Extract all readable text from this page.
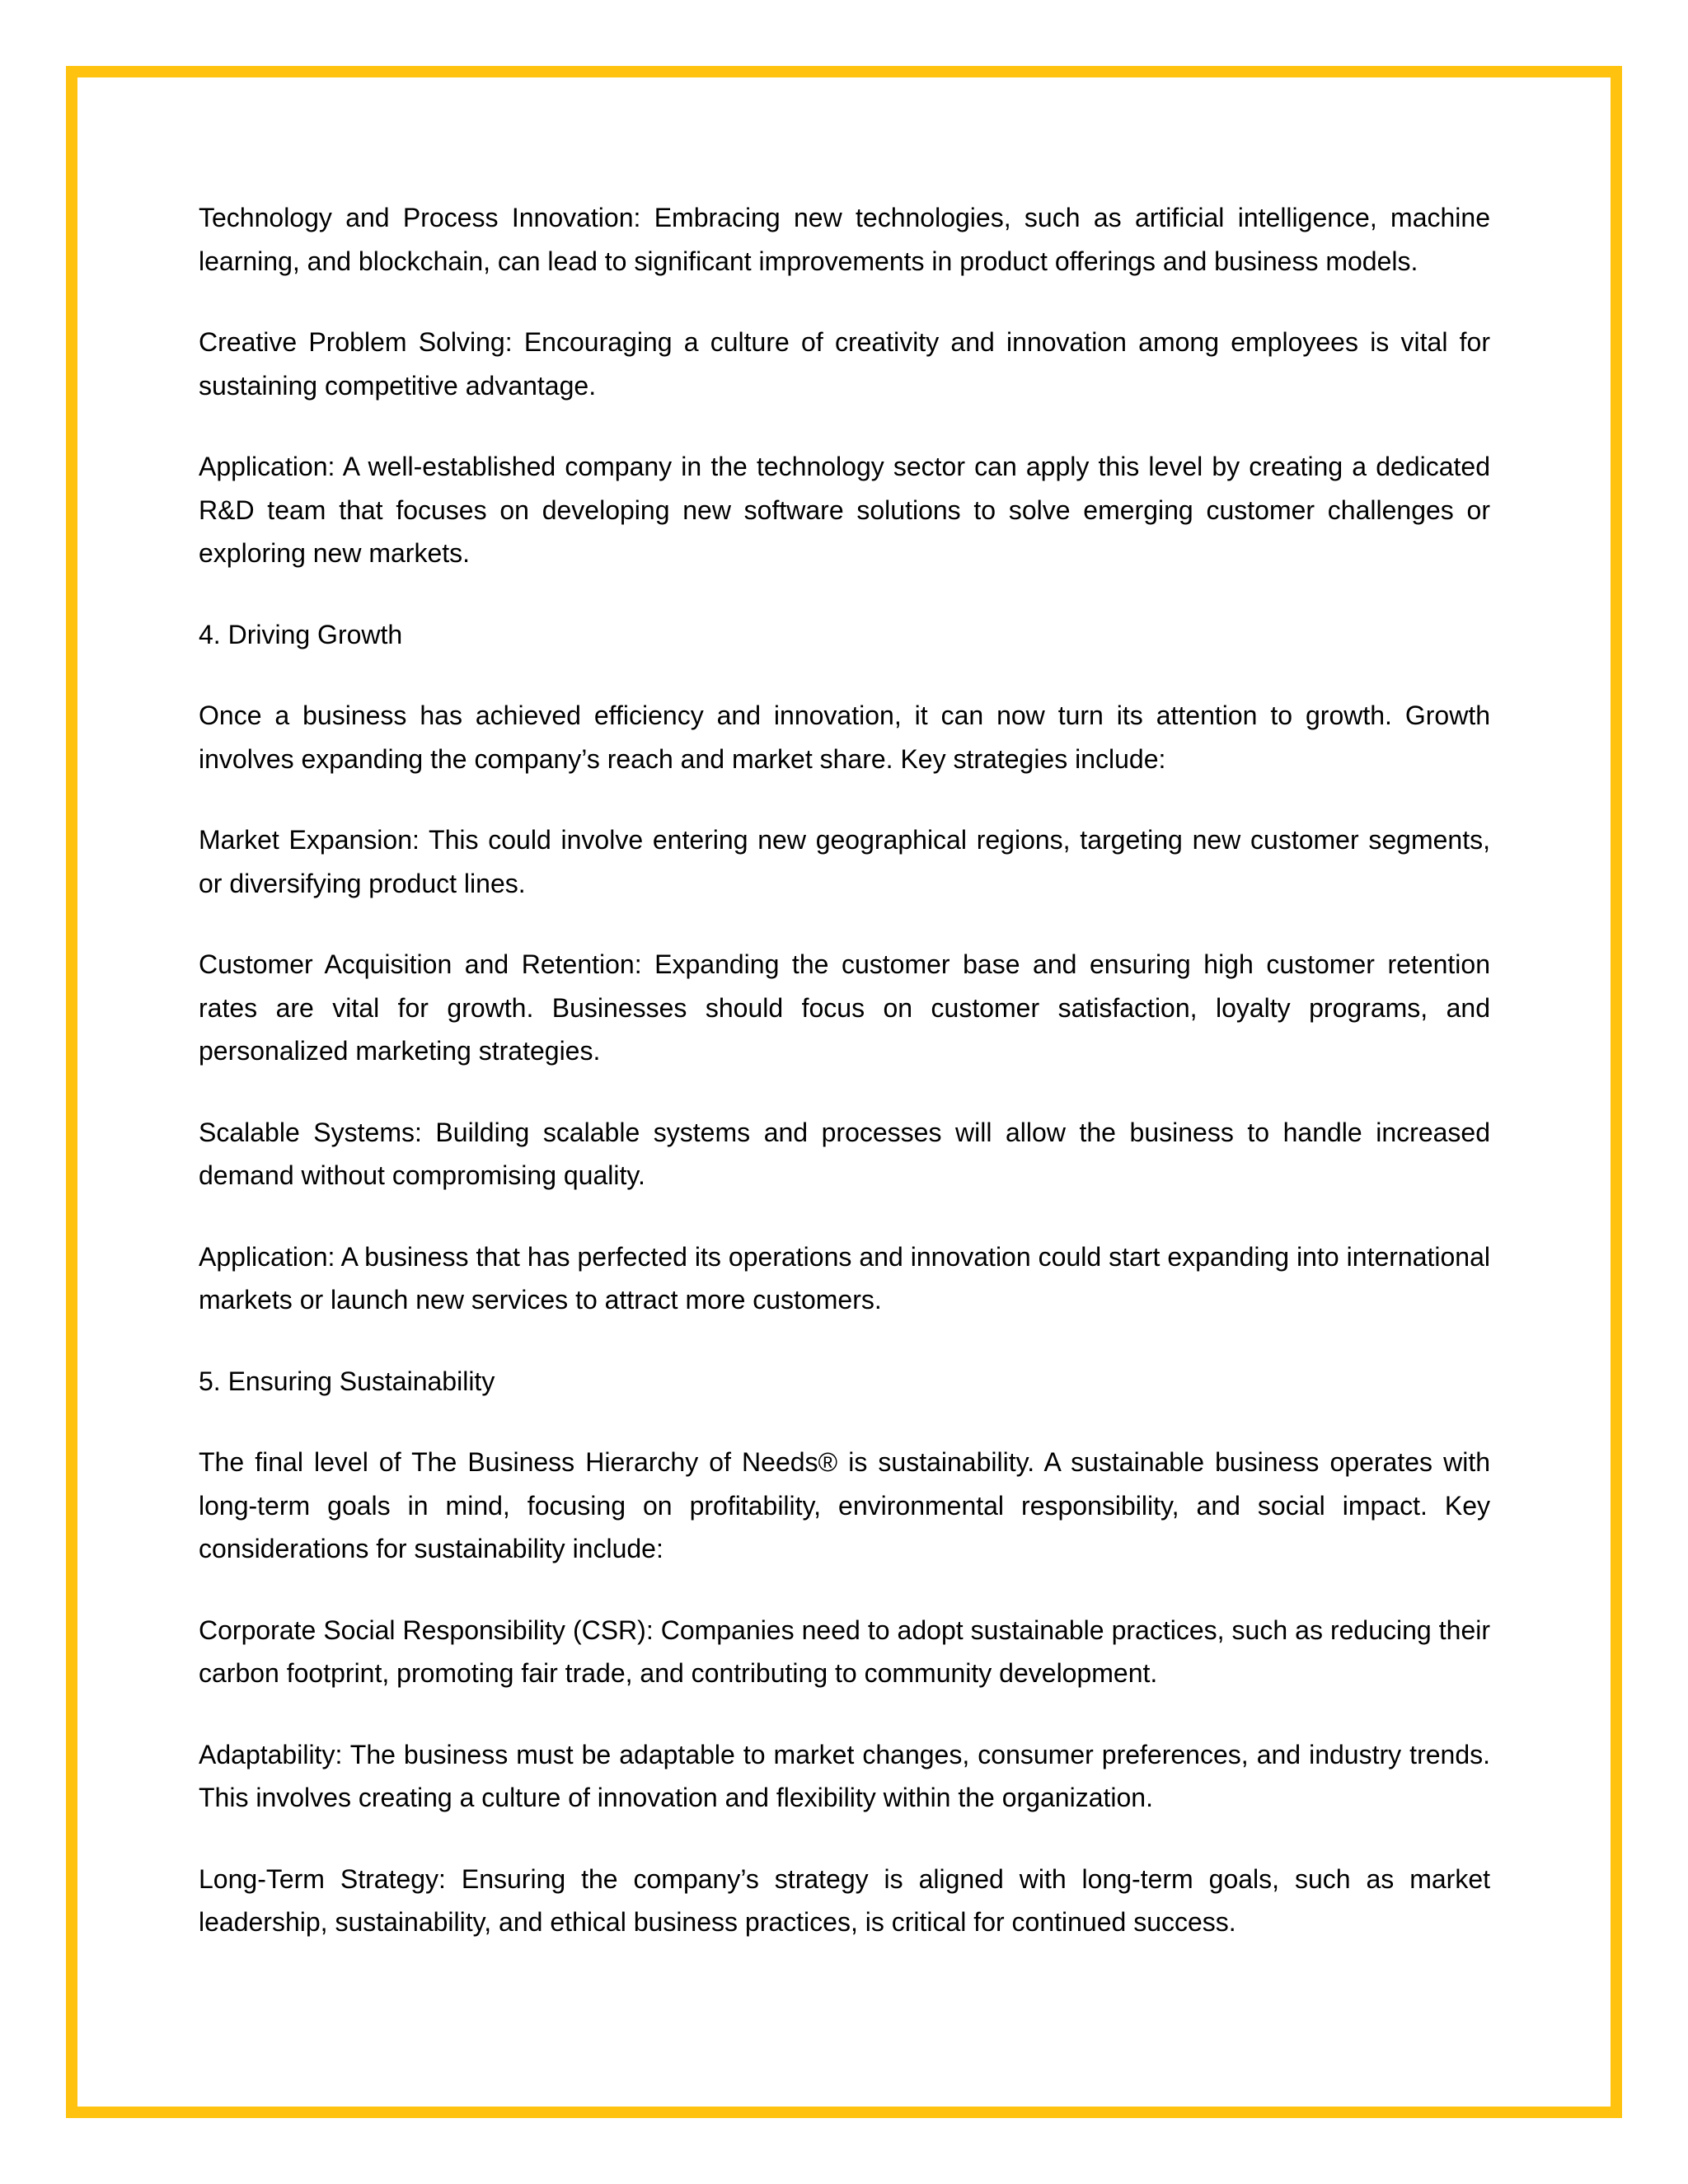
Technology and Process Innovation: Embracing new technologies, such as artificial intelligence, machine learning, and blockchain, can lead to significant improvements in product offerings and business models.

Creative Problem Solving: Encouraging a culture of creativity and innovation among employees is vital for sustaining competitive advantage.

Application: A well-established company in the technology sector can apply this level by creating a dedicated R&D team that focuses on developing new software solutions to solve emerging customer challenges or exploring new markets.

4. Driving Growth

Once a business has achieved efficiency and innovation, it can now turn its attention to growth. Growth involves expanding the company’s reach and market share. Key strategies include:

Market Expansion: This could involve entering new geographical regions, targeting new customer segments, or diversifying product lines.

Customer Acquisition and Retention: Expanding the customer base and ensuring high customer retention rates are vital for growth. Businesses should focus on customer satisfaction, loyalty programs, and personalized marketing strategies.

Scalable Systems: Building scalable systems and processes will allow the business to handle increased demand without compromising quality.

Application: A business that has perfected its operations and innovation could start expanding into international markets or launch new services to attract more customers.

5. Ensuring Sustainability

The final level of The Business Hierarchy of Needs® is sustainability. A sustainable business operates with long-term goals in mind, focusing on profitability, environmental responsibility, and social impact. Key considerations for sustainability include:

Corporate Social Responsibility (CSR): Companies need to adopt sustainable practices, such as reducing their carbon footprint, promoting fair trade, and contributing to community development.

Adaptability: The business must be adaptable to market changes, consumer preferences, and industry trends. This involves creating a culture of innovation and flexibility within the organization.

Long-Term Strategy: Ensuring the company’s strategy is aligned with long-term goals, such as market leadership, sustainability, and ethical business practices, is critical for continued success.
